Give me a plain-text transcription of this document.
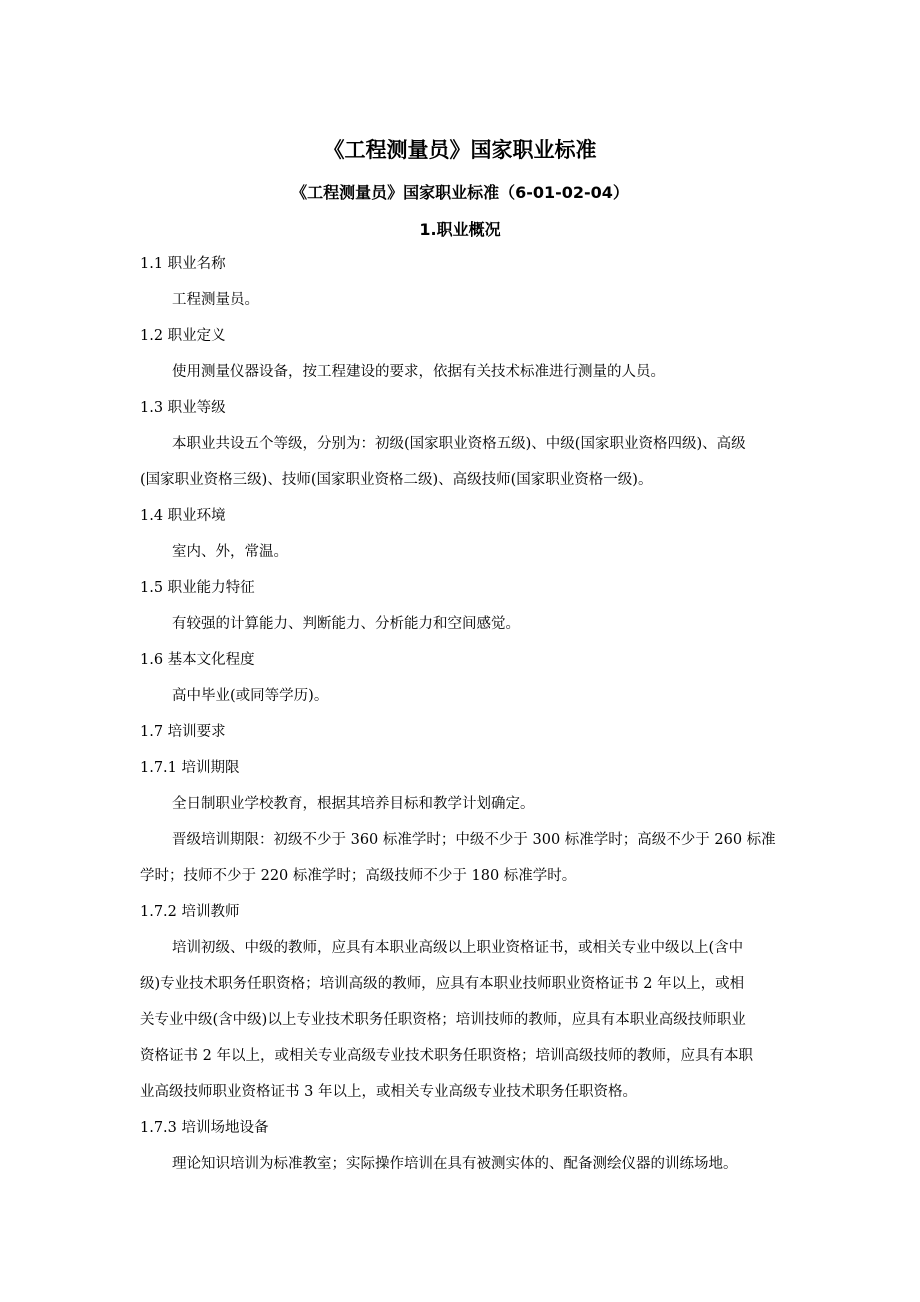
《工程测量员》国家职业标准
《工程测量员》国家职业标准（6-01-02-04）
1.职业概况
1.1 职业名称
工程测量员。
1.2 职业定义
使用测量仪器设备，按工程建设的要求，依据有关技术标准进行测量的人员。
1.3 职业等级
本职业共设五个等级，分别为：初级(国家职业资格五级)、中级(国家职业资格四级)、高级
(国家职业资格三级)、技师(国家职业资格二级)、高级技师(国家职业资格一级)。
1.4 职业环境
室内、外，常温。
1.5 职业能力特征
有较强的计算能力、判断能力、分析能力和空间感觉。
1.6 基本文化程度
高中毕业(或同等学历)。
1.7 培训要求
1.7.1 培训期限
全日制职业学校教育，根据其培养目标和教学计划确定。
晋级培训期限：初级不少于 360 标准学时；中级不少于 300 标准学时；高级不少于 260 标准
学时；技师不少于 220 标准学时；高级技师不少于 180 标准学时。
1.7.2 培训教师
培训初级、中级的教师，应具有本职业高级以上职业资格证书，或相关专业中级以上(含中
级)专业技术职务任职资格；培训高级的教师，应具有本职业技师职业资格证书 2 年以上，或相
关专业中级(含中级)以上专业技术职务任职资格；培训技师的教师，应具有本职业高级技师职业
资格证书 2 年以上，或相关专业高级专业技术职务任职资格；培训高级技师的教师，应具有本职
业高级技师职业资格证书 3 年以上，或相关专业高级专业技术职务任职资格。
1.7.3 培训场地设备
理论知识培训为标准教室；实际操作培训在具有被测实体的、配备测绘仪器的训练场地。
